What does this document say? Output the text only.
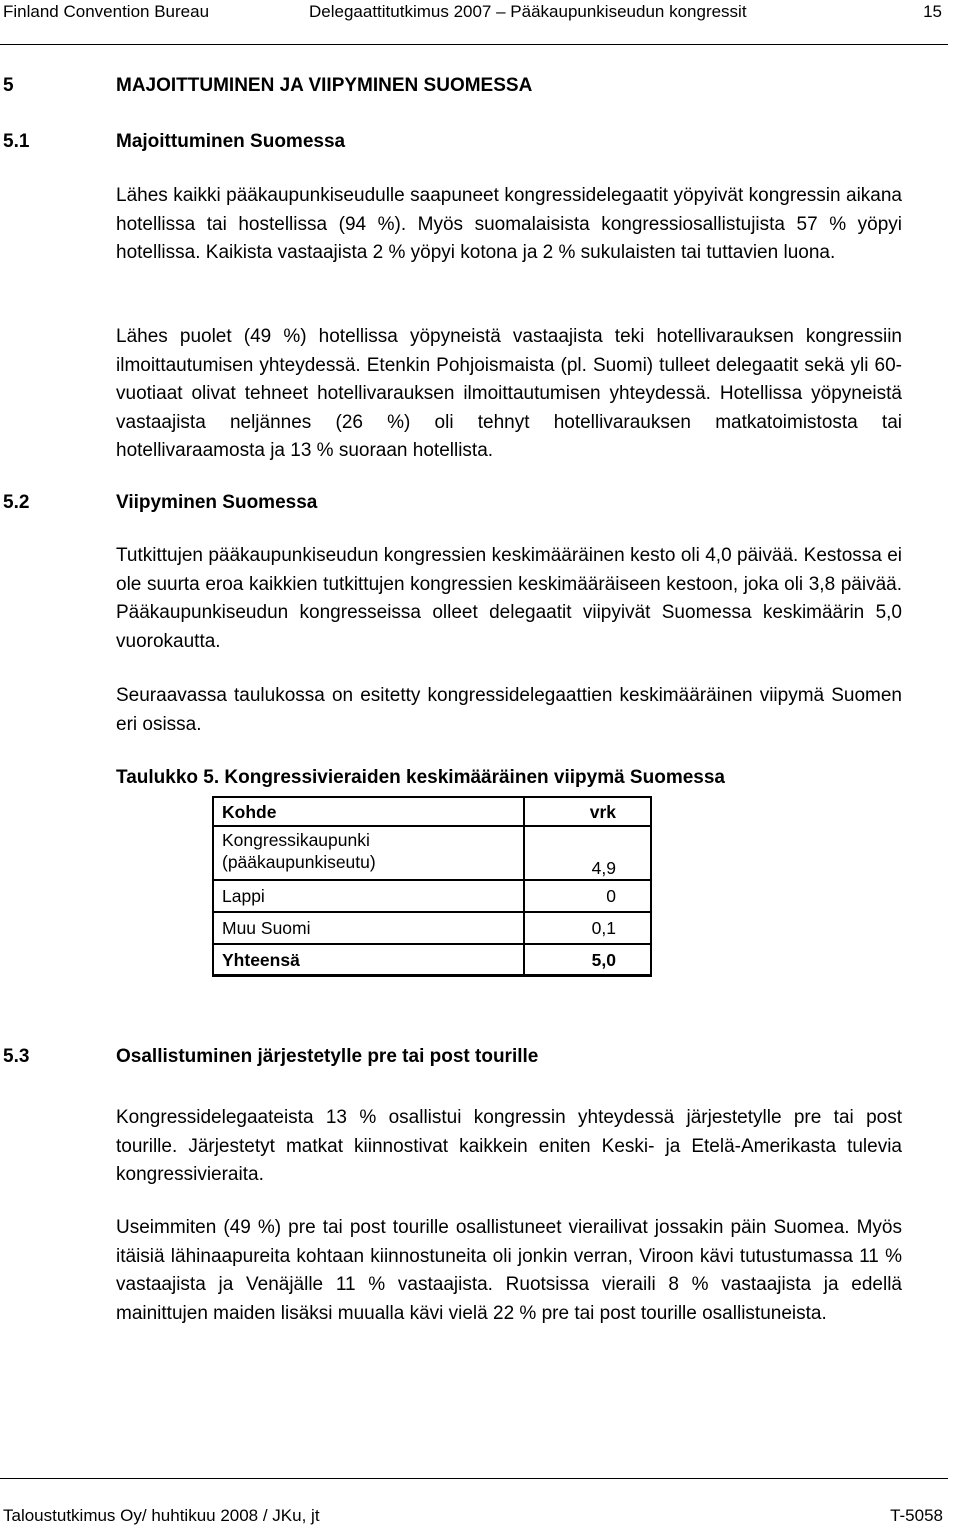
Finland Convention Bureau	Delegaattitutkimus 2007 – Pääkaupunkiseudun kongressit	15
5	MAJOITTUMINEN JA VIIPYMINEN SUOMESSA
5.1	Majoittuminen Suomessa

Lähes kaikki pääkaupunkiseudulle saapuneet kongressidelegaatit yöpyivät kongressin aikana hotellissa tai hostellissa (94 %). Myös suomalaisista kongressiosallistujista 57 % yöpyi hotellissa. Kaikista vastaajista 2 % yöpyi kotona ja 2 % sukulaisten tai tuttavien luona.

Lähes puolet (49 %) hotellissa yöpyneistä vastaajista teki hotellivarauksen kongressiin ilmoittautumisen yhteydessä. Etenkin Pohjoismaista (pl. Suomi) tulleet delegaatit sekä yli 60-vuotiaat olivat tehneet hotellivarauksen ilmoittautumisen yhteydessä. Hotellissa yöpyneistä vastaajista neljännes (26 %) oli tehnyt hotellivarauksen matkatoimistosta tai hotellivaraamosta ja 13 % suoraan hotellista.

5.2	Viipyminen Suomessa

Tutkittujen pääkaupunkiseudun kongressien keskimääräinen kesto oli 4,0 päivää. Kestossa ei ole suurta eroa kaikkien tutkittujen kongressien keskimääräiseen kestoon, joka oli 3,8 päivää. Pääkaupunkiseudun kongresseissa olleet delegaatit viipyivät Suomessa keskimäärin 5,0 vuorokautta.

Seuraavassa taulukossa on esitetty kongressidelegaattien keskimääräinen viipymä Suomen eri osissa.

Taulukko 5. Kongressivieraiden keskimääräinen viipymä Suomessa
Kohde	vrk

Kongressikaupunki
(pääkaupunkiseutu)	4,9
Lappi	0
Muu Suomi	0,1
Yhteensä	5,0
5.3	Osallistuminen järjestetylle pre tai post tourille

Kongressidelegaateista 13 % osallistui kongressin yhteydessä järjestetylle pre tai post tourille. Järjestetyt matkat kiinnostivat kaikkein eniten Keski- ja Etelä-Amerikasta tulevia kongressivieraita.

Useimmiten (49 %) pre tai post tourille osallistuneet vierailivat jossakin päin Suomea. Myös itäisiä lähinaapureita kohtaan kiinnostuneita oli jonkin verran, Viroon kävi tutustumassa 11 % vastaajista ja Venäjälle 11 % vastaajista. Ruotsissa vieraili 8 % vastaajista ja edellä mainittujen maiden lisäksi muualla kävi vielä 22 % pre tai post tourille osallistuneista.

Taloustutkimus Oy/ huhtikuu 2008 / JKu, jt	T-5058
